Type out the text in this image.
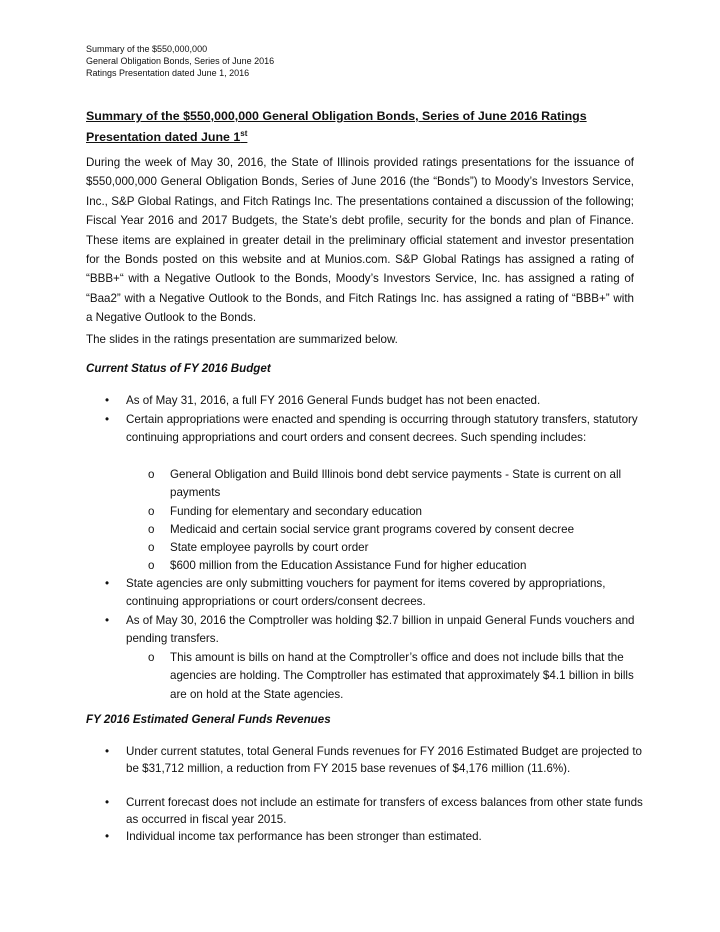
Summary of the $550,000,000
General Obligation Bonds, Series of June 2016
Ratings Presentation dated June 1, 2016
Summary of the $550,000,000 General Obligation Bonds, Series of June 2016 Ratings Presentation dated June 1st
During the week of May 30, 2016, the State of Illinois provided ratings presentations for the issuance of $550,000,000 General Obligation Bonds, Series of June 2016 (the “Bonds”) to Moody’s Investors Service, Inc., S&P Global Ratings, and Fitch Ratings Inc. The presentations contained a discussion of the following; Fiscal Year 2016 and 2017 Budgets, the State’s debt profile, security for the bonds and plan of Finance. These items are explained in greater detail in the preliminary official statement and investor presentation for the Bonds posted on this website and at Munios.com. S&P Global Ratings has assigned a rating of “BBB+“ with a Negative Outlook to the Bonds, Moody’s Investors Service, Inc. has assigned a rating of “Baa2” with a Negative Outlook to the Bonds, and Fitch Ratings Inc. has assigned a rating of “BBB+” with a Negative Outlook to the Bonds.
The slides in the ratings presentation are summarized below.
Current Status of FY 2016 Budget
• As of May 31, 2016, a full FY 2016 General Funds budget has not been enacted.
• Certain appropriations were enacted and spending is occurring through statutory transfers, statutory continuing appropriations and court orders and consent decrees. Such spending includes:
o General Obligation and Build Illinois bond debt service payments - State is current on all payments
o Funding for elementary and secondary education
o Medicaid and certain social service grant programs covered by consent decree
o State employee payrolls by court order
o $600 million from the Education Assistance Fund for higher education
• State agencies are only submitting vouchers for payment for items covered by appropriations, continuing appropriations or court orders/consent decrees.
• As of May 30, 2016 the Comptroller was holding $2.7 billion in unpaid General Funds vouchers and pending transfers.
o This amount is bills on hand at the Comptroller’s office and does not include bills that the agencies are holding. The Comptroller has estimated that approximately $4.1 billion in bills are on hold at the State agencies.
FY 2016 Estimated General Funds Revenues
• Under current statutes, total General Funds revenues for FY 2016 Estimated Budget are projected to be $31,712 million, a reduction from FY 2015 base revenues of $4,176 million (11.6%).
• Current forecast does not include an estimate for transfers of excess balances from other state funds as occurred in fiscal year 2015.
• Individual income tax performance has been stronger than estimated.
